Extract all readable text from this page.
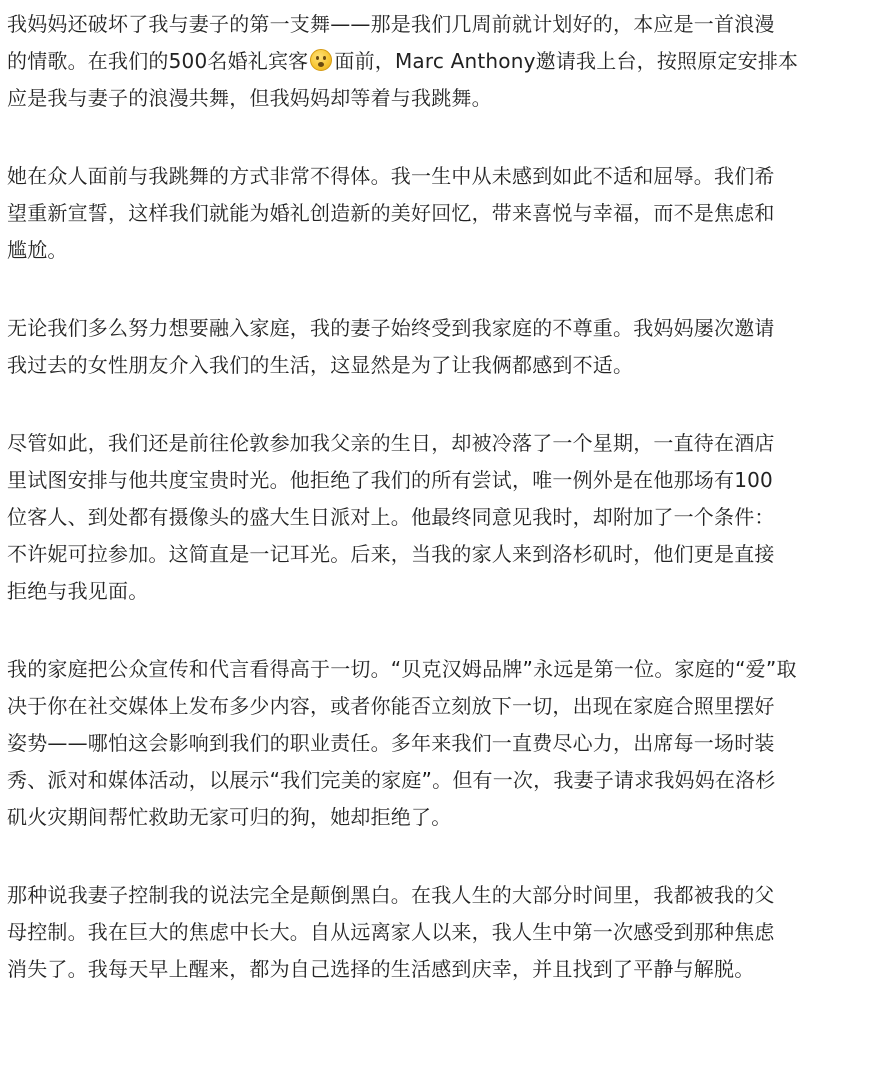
我妈妈还破坏了我与妻子的第一支舞——那是我们几周前就计划好的，本应是一首浪漫
的情歌。在我们的500名婚礼宾客 面前，Marc Anthony邀请我上台，按照原定安排本
应是我与妻子的浪漫共舞，但我妈妈却等着与我跳舞。

她在众人面前与我跳舞的方式非常不得体。我一生中从未感到如此不适和屈辱。我们希
望重新宣誓，这样我们就能为婚礼创造新的美好回忆，带来喜悦与幸福，而不是焦虑和
尴尬。

无论我们多么努力想要融入家庭，我的妻子始终受到我家庭的不尊重。我妈妈屡次邀请
我过去的女性朋友介入我们的生活，这显然是为了让我俩都感到不适。

尽管如此，我们还是前往伦敦参加我父亲的生日，却被冷落了一个星期，一直待在酒店
里试图安排与他共度宝贵时光。他拒绝了我们的所有尝试，唯一例外是在他那场有100
位客人、到处都有摄像头的盛大生日派对上。他最终同意见我时，却附加了一个条件：
不许妮可拉参加。这简直是一记耳光。后来，当我的家人来到洛杉矶时，他们更是直接
拒绝与我见面。

我的家庭把公众宣传和代言看得高于一切。“贝克汉姆品牌”永远是第一位。家庭的“爱”取
决于你在社交媒体上发布多少内容，或者你能否立刻放下一切，出现在家庭合照里摆好
姿势——哪怕这会影响到我们的职业责任。多年来我们一直费尽心力，出席每一场时装
秀、派对和媒体活动，以展示“我们完美的家庭”。但有一次，我妻子请求我妈妈在洛杉
矶火灾期间帮忙救助无家可归的狗，她却拒绝了。

那种说我妻子控制我的说法完全是颠倒黑白。在我人生的大部分时间里，我都被我的父
母控制。我在巨大的焦虑中长大。自从远离家人以来，我人生中第一次感受到那种焦虑
消失了。我每天早上醒来，都为自己选择的生活感到庆幸，并且找到了平静与解脱。
